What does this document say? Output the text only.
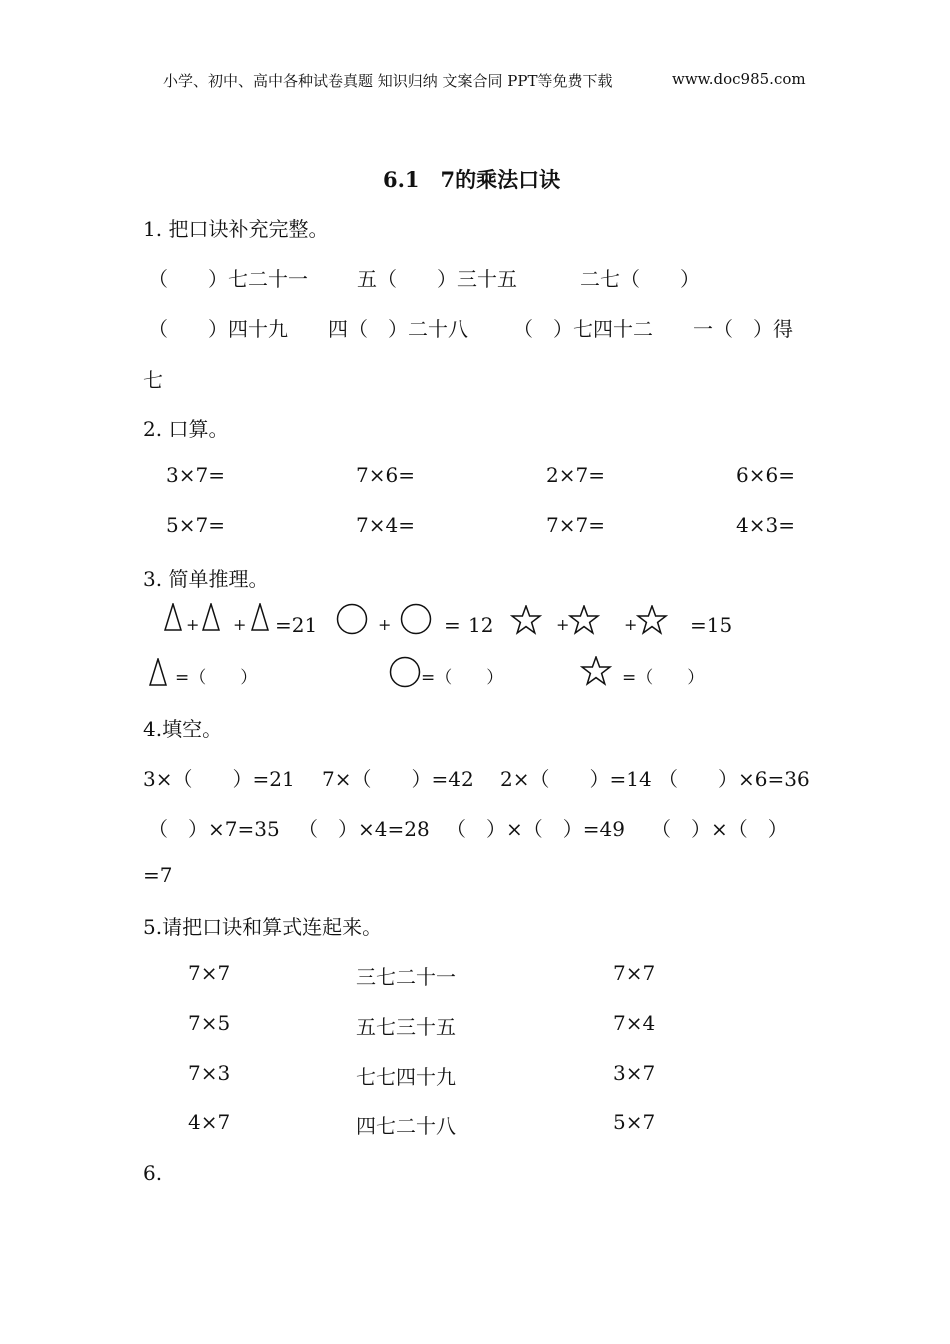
小学、初中、高中各种试卷真题 知识归纳 文案合同 PPT等免费下载	www.doc985.com
6.1　7的乘法口诀
1. 把口诀补充完整。
（　　）七二十一 五（　　）三十五	二七（　　）
（　　）四十九 四（　）二十八 （　）七四十二 一（　）得
七
2. 口算。
3×7=	7×6=	2×7=	6×6=
5×7=	7×4=	7×7=	4×3=
3. 简单推理。
+ + =21	+	= 12	+	+	=15
=（　　）	=（　　）	=（　　）
4.填空。
3×（　　）=21 7×（　　）=42 2×（　　）=14 （　　）×6=36
（　）×7=35 （　）×4=28 （　）×（　）=49 （　）×（　）
=7
5.请把口诀和算式连起来。
7×7	三七二十一	7×7
7×5	五七三十五	7×4
7×3	七七四十九	3×7
4×7	四七二十八	5×7
6.
